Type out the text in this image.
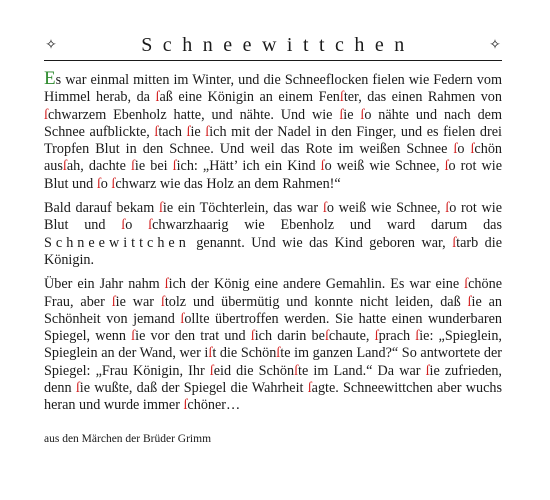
✧	Schneewittchen	✧

Es war einmal mitten im Winter, und die Schneeflocken fielen wie Federn vom Himmel herab, da ſaß eine Königin an einem Fenſter, das einen Rahmen von ſchwarzem Ebenholz hatte, und nähte. Und wie ſie ſo nähte und nach dem Schnee aufblickte, ſtach ſie ſich mit der Nadel in den Finger, und es fielen drei Tropfen Blut in den Schnee. Und weil das Rote im weißen Schnee ſo ſchön ausſah, dachte ſie bei ſich: „Hätt’ ich ein Kind ſo weiß wie Schnee, ſo rot wie Blut und ſo ſchwarz wie das Holz an dem Rahmen!“

Bald darauf bekam ſie ein Töchterlein, das war ſo weiß wie Schnee, ſo rot wie Blut und ſo ſchwarzhaarig wie Ebenholz und ward darum das Schneewittchen genannt. Und wie das Kind geboren war, ſtarb die Königin.

Über ein Jahr nahm ſich der König eine andere Gemahlin. Es war eine ſchöne Frau, aber ſie war ſtolz und übermütig und konnte nicht leiden, daß ſie an Schönheit von jemand ſollte übertroffen werden. Sie hatte einen wunderbaren Spiegel, wenn ſie vor den trat und ſich darin beſchaute, ſprach ſie: „Spieglein, Spieglein an der Wand, wer iſt die Schönſte im ganzen Land?“ So antwortete der Spiegel: „Frau Königin, Ihr ſeid die Schönſte im Land.“ Da war ſie zufrieden, denn ſie wußte, daß der Spiegel die Wahrheit ſagte. Schneewittchen aber wuchs heran und wurde immer ſchöner…

aus den Märchen der Brüder Grimm
